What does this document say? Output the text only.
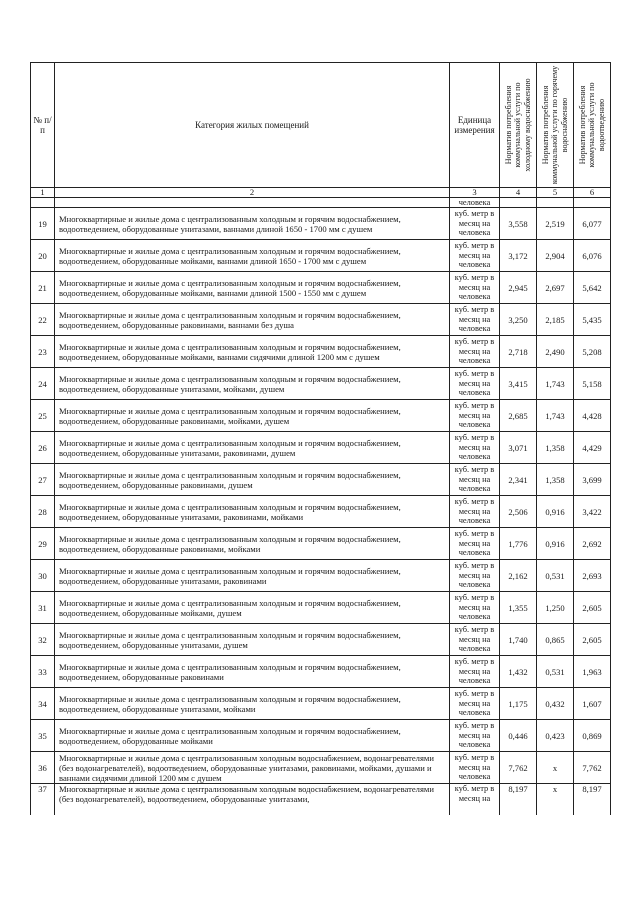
№ п/п	Категория жилых помещений	Единица измерения	Норматив потребления коммунальной услуги по холодному водоснабжению	Норматив потребления коммунальной услуги по горячему водоснабжению	Норматив потребления коммунальной услуги по водоотведению

1	2	3	4	5	6
		человека			
19	Многоквартирные и жилые дома с централизованным холодным и горячим водоснабжением, водоотведением, оборудованные унитазами, ваннами длиной 1650 - 1700 мм с душем	куб. метр в месяц на человека	3,558	2,519	6,077
20	Многоквартирные и жилые дома с централизованным холодным и горячим водоснабжением, водоотведением, оборудованные мойками, ваннами длиной 1650 - 1700 мм с душем	куб. метр в месяц на человека	3,172	2,904	6,076
21	Многоквартирные и жилые дома с централизованным холодным и горячим водоснабжением, водоотведением, оборудованные мойками, ваннами длиной 1500 - 1550 мм с душем	куб. метр в месяц на человека	2,945	2,697	5,642
22	Многоквартирные и жилые дома с централизованным холодным и горячим водоснабжением, водоотведением, оборудованные раковинами, ваннами без душа	куб. метр в месяц на человека	3,250	2,185	5,435
23	Многоквартирные и жилые дома с централизованным холодным и горячим водоснабжением, водоотведением, оборудованные мойками, ваннами сидячими длиной 1200 мм с душем	куб. метр в месяц на человека	2,718	2,490	5,208
24	Многоквартирные и жилые дома с централизованным холодным и горячим водоснабжением, водоотведением, оборудованные унитазами, мойками, душем	куб. метр в месяц на человека	3,415	1,743	5,158
25	Многоквартирные и жилые дома с централизованным холодным и горячим водоснабжением, водоотведением, оборудованные раковинами, мойками, душем	куб. метр в месяц на человека	2,685	1,743	4,428
26	Многоквартирные и жилые дома с централизованным холодным и горячим водоснабжением, водоотведением, оборудованные унитазами, раковинами, душем	куб. метр в месяц на человека	3,071	1,358	4,429
27	Многоквартирные и жилые дома с централизованным холодным и горячим водоснабжением, водоотведением, оборудованные раковинами, душем	куб. метр в месяц на человека	2,341	1,358	3,699
28	Многоквартирные и жилые дома с централизованным холодным и горячим водоснабжением, водоотведением, оборудованные унитазами, раковинами, мойками	куб. метр в месяц на человека	2,506	0,916	3,422
29	Многоквартирные и жилые дома с централизованным холодным и горячим водоснабжением, водоотведением, оборудованные раковинами, мойками	куб. метр в месяц на человека	1,776	0,916	2,692
30	Многоквартирные и жилые дома с централизованным холодным и горячим водоснабжением, водоотведением, оборудованные унитазами, раковинами	куб. метр в месяц на человека	2,162	0,531	2,693
31	Многоквартирные и жилые дома с централизованным холодным и горячим водоснабжением, водоотведением, оборудованные мойками, душем	куб. метр в месяц на человека	1,355	1,250	2,605
32	Многоквартирные и жилые дома с централизованным холодным и горячим водоснабжением, водоотведением, оборудованные унитазами, душем	куб. метр в месяц на человека	1,740	0,865	2,605
33	Многоквартирные и жилые дома с централизованным холодным и горячим водоснабжением, водоотведением, оборудованные раковинами	куб. метр в месяц на человека	1,432	0,531	1,963
34	Многоквартирные и жилые дома с централизованным холодным и горячим водоснабжением, водоотведением, оборудованные унитазами, мойками	куб. метр в месяц на человека	1,175	0,432	1,607
35	Многоквартирные и жилые дома с централизованным холодным и горячим водоснабжением, водоотведением, оборудованные мойками	куб. метр в месяц на человека	0,446	0,423	0,869
36	Многоквартирные и жилые дома с централизованным холодным водоснабжением, водонагревателями (без водонагревателей), водоотведением, оборудованные унитазами, раковинами, мойками, душами и ваннами сидячими длиной 1200 мм с душем	куб. метр в месяц на человека	7,762	х	7,762
37	Многоквартирные и жилые дома с централизованным холодным водоснабжением, водонагревателями (без водонагревателей), водоотведением, оборудованные унитазами,	куб. метр в месяц на	8,197	х	8,197
